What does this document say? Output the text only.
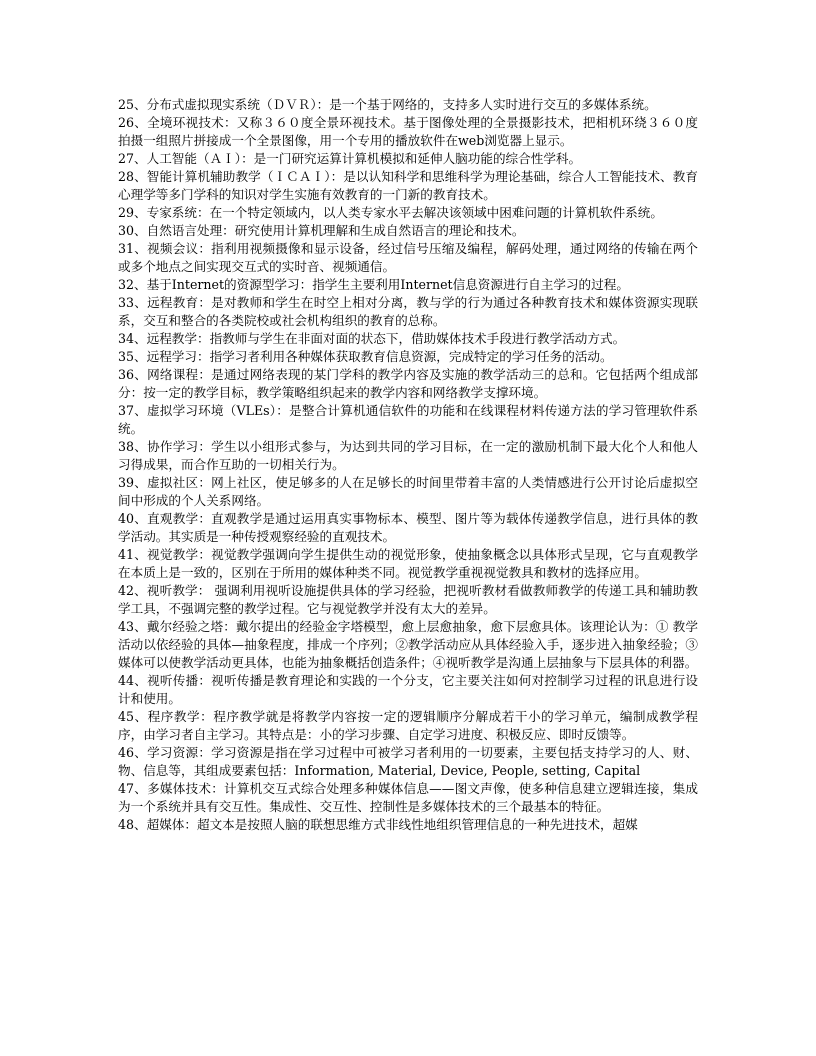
25、分布式虚拟现实系统（ＤＶＲ）：是一个基于网络的，支持多人实时进行交互的多媒体系统。

26、全境环视技术：又称３６０度全景环视技术。基于图像处理的全景摄影技术，把相机环绕３６０度拍摄一组照片拼接成一个全景图像，用一个专用的播放软件在web浏览器上显示。

27、人工智能（ＡＩ）：是一门研究运算计算机模拟和延伸人脑功能的综合性学科。

28、智能计算机辅助教学（ＩＣＡＩ）：是以认知科学和思维科学为理论基础，综合人工智能技术、教育心理学等多门学科的知识对学生实施有效教育的一门新的教育技术。

29、专家系统：在一个特定领域内，以人类专家水平去解决该领域中困难问题的计算机软件系统。

30、自然语言处理：研究使用计算机理解和生成自然语言的理论和技术。

31、视频会议：指利用视频摄像和显示设备，经过信号压缩及编程，解码处理，通过网络的传输在两个或多个地点之间实现交互式的实时音、视频通信。

32、基于Internet的资源型学习：指学生主要利用Internet信息资源进行自主学习的过程。

33、远程教育：是对教师和学生在时空上相对分离，教与学的行为通过各种教育技术和媒体资源实现联系，交互和整合的各类院校或社会机构组织的教育的总称。

34、远程教学：指教师与学生在非面对面的状态下，借助媒体技术手段进行教学活动方式。

35、远程学习：指学习者利用各种媒体获取教育信息资源，完成特定的学习任务的活动。

36、网络课程：是通过网络表现的某门学科的教学内容及实施的教学活动三的总和。它包括两个组成部分：按一定的教学目标，教学策略组织起来的教学内容和网络教学支撑环境。

37、虚拟学习环境（VLEs）：是整合计算机通信软件的功能和在线课程材料传递方法的学习管理软件系统。

38、协作学习：学生以小组形式参与，为达到共同的学习目标，在一定的激励机制下最大化个人和他人习得成果，而合作互助的一切相关行为。

39、虚拟社区：网上社区，使足够多的人在足够长的时间里带着丰富的人类情感进行公开讨论后虚拟空间中形成的个人关系网络。

40、直观教学：直观教学是通过运用真实事物标本、模型、图片等为载体传递教学信息，进行具体的教学活动。其实质是一种传授观察经验的直观技术。

41、视觉教学：视觉教学强调向学生提供生动的视觉形象，使抽象概念以具体形式呈现，它与直观教学在本质上是一致的，区别在于所用的媒体种类不同。视觉教学重视视觉教具和教材的选择应用。

42、视听教学： 强调利用视听设施提供具体的学习经验，把视听教材看做教师教学的传递工具和辅助教学工具，不强调完整的教学过程。它与视觉教学并没有太大的差异。

43、戴尔经验之塔：戴尔提出的经验金字塔模型，愈上层愈抽象，愈下层愈具体。该理论认为：① 教学活动以依经验的具体—抽象程度，排成一个序列；②教学活动应从具体经验入手，逐步进入抽象经验；③媒体可以使教学活动更具体，也能为抽象概括创造条件；④视听教学是沟通上层抽象与下层具体的利器。

44、视听传播：视听传播是教育理论和实践的一个分支，它主要关注如何对控制学习过程的讯息进行设计和使用。

45、程序教学：程序教学就是将教学内容按一定的逻辑顺序分解成若干小的学习单元，编制成教学程序，由学习者自主学习。其特点是：小的学习步骤、自定学习进度、积极反应、即时反馈等。

46、学习资源：学习资源是指在学习过程中可被学习者利用的一切要素，主要包括支持学习的人、财、物、信息等，其组成要素包括：Information, Material, Device, People, setting, Capital

47、多媒体技术：计算机交互式综合处理多种媒体信息——图文声像，使多种信息建立逻辑连接，集成为一个系统并具有交互性。集成性、交互性、控制性是多媒体技术的三个最基本的特征。

48、超媒体：超文本是按照人脑的联想思维方式非线性地组织管理信息的一种先进技术，超媒
